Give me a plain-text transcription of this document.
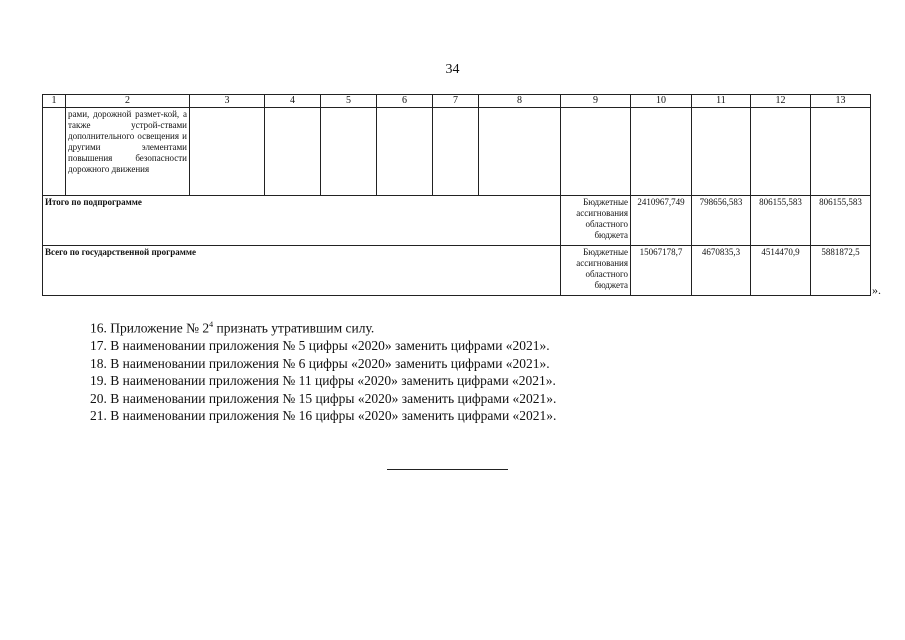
34
1	2	3	4	5	6	7	8	9	10	11	12	13
	рами, дорожной размет-кой, а также устрой-ствами дополнительного освещения и другими элементами повышения безопасности дорожного движения											
Итого по подпрограмме								Бюджетные ассигнования областного бюджета	2410967,749	798656,583	806155,583	806155,583
Всего по государственной программе								Бюджетные ассигнования областного бюджета	15067178,7	4670835,3	4514470,9	5881872,5
».
16. Приложение № $2^4$ признать утратившим силу.
17. В наименовании приложения № 5 цифры «2020» заменить цифрами «2021».
18. В наименовании приложения № 6 цифры «2020» заменить цифрами «2021».
19. В наименовании приложения № 11 цифры «2020» заменить цифрами «2021».
20. В наименовании приложения № 15 цифры «2020» заменить цифрами «2021».
21. В наименовании приложения № 16 цифры «2020» заменить цифрами «2021».
